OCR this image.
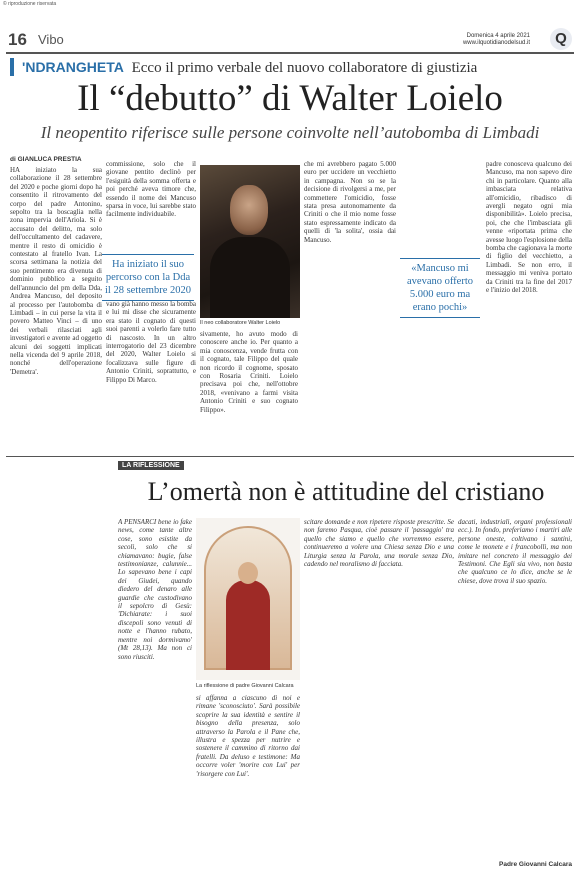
© riproduzione riservata
16 Vibo	Domenica 4 aprile 2021
www.ilquotidianodelsud.it	Q
'NDRANGHETA Ecco il primo verbale del nuovo collaboratore di giustizia
Il “debutto” di Walter Loielo
Il neopentito riferisce sulle persone coinvolte nell’autobomba di Limbadi
di GIANLUCA PRESTIA
HA iniziato la sua collaborazione il 28 settembre del 2020 e poche giorni dopo ha consentito il ritrovamento del corpo del padre Antonino, sepolto tra la boscaglia nella zona impervia dell'Ariola. Si è accusato del delitto, ma solo dell'occultamento del cadavere, mentre il resto di omicidio è contestato al fratello Ivan. La scorsa settimana la notizia del suo pentimento era divenuta di dominio pubblico a seguito dell'annuncio del pm della Dda, Andrea Mancuso, del deposito al processo per l'autobomba di Limbadi – in cui perse la vita il povero Matteo Vinci – di uno dei verbali rilasciati agli investigatori e avente ad oggetto alcuni dei soggetti implicati nella vicenda del 9 aprile 2018, nonché dell'operazione 'Demetra'.
commissione, solo che il giovane pentito declinò per l'esiguità della somma offerta e poi perché aveva timore che, essendo il nome dei Mancuso sparsa in voce, lui sarebbe stato facilmente individuabile.
Ha iniziato il suo percorso con la Dda il 28 settembre 2020
Il neo collaboratore Walter Loielo
vano già hanno messo la bomba e lui mi disse che sicuramente era stato il cognato di questi suoi parenti a volerlo fare tutto di nascosto. In un altro interrogatorio del 23 dicembre del 2020, Walter Loielo si focalizzava sulle figure di Antonio Criniti, soprattutto, e Filippo Di Marco.
sivamente, ho avuto modo di conoscere anche io. Per quanto a mia conoscenza, vende frutta con il cognato, tale Filippo del quale non ricordo il cognome, sposato con Rosaria Criniti. Loielo precisava poi che, nell'ottobre 2018, «venivano a farmi visita Antonio Criniti e suo cognato Filippo».
che mi avrebbero pagato 5.000 euro per uccidere un vecchietto in campagna. Non so se la decisione di rivolgersi a me, per commettere l'omicidio, fosse stata presa autonomamente da Criniti o che il mio nome fosse stato espressamente indicato da quelli di 'la solita', ossia dai Mancuso.
«Mancuso mi avevano offerto 5.000 euro ma erano pochi»
padre conosceva qualcuno dei Mancuso, ma non sapevo dire chi in particolare. Quanto alla imbasciata relativa all'omicidio, ribadisco di avergli negato ogni mia disponibilità». Loielo precisa, poi, che che l'imbasciata gli venne «riportata prima che avesse luogo l'esplosione della bomba che cagionava la morte di figlio del vecchietto, a Limbadi. Se non erro, il messaggio mi veniva portato da Criniti tra la fine del 2017 e l'inizio del 2018.
LA RIFLESSIONE
L’omertà non è attitudine del cristiano
A PENSARCI bene io fake news, come tante altre cose, sono esistite da secoli, solo che si chiamavano: bugie, false testimonianze, calunnie... Lo sapevano bene i capi dei Giudei, quando diedero del denaro alle guardie che custodivano il sepolcro di Gesù: 'Dichiarate: i suoi discepoli sono venuti di notte e l'hanno rubato, mentre noi dormivamo' (Mt 28,13). Ma non ci sono riusciti.
La riflessione di padre Giovanni Calcara
si affanna a ciascuno di noi e rimane 'sconosciuto'. Sarà possibile scoprire la sua identità e sentire il bisogno della presenza, solo attraverso la Parola e il Pane che, illustra e spezza per nutrire e sostenere il cammino di ritorno dai fratelli. Da deluso e testimone: Ma occorre voler 'morire con Lui' per 'risorgere con Lui'.
scitare domande e non ripetere risposte prescritte. Se non faremo Pasqua, cioè passare il 'passaggio' tra quello che siamo e quello che vorremmo essere, continueremo a volere una Chiesa senza Dio e una Liturgia senza la Parola, una morale senza Dio, cadendo nel moralismo di facciata.
dacati, industriali, organi professionali ecc.). In fondo, preferiamo i martiri alle persone oneste, coltivano i santini, come le monete e i francobolli, ma non imitare nel concreto il messaggio dei Testimoni. Che Egli sia vivo, non basta che qualcuno ce lo dice, anche se le chiese, dove trova il suo spazio.
Padre Giovanni Calcara
